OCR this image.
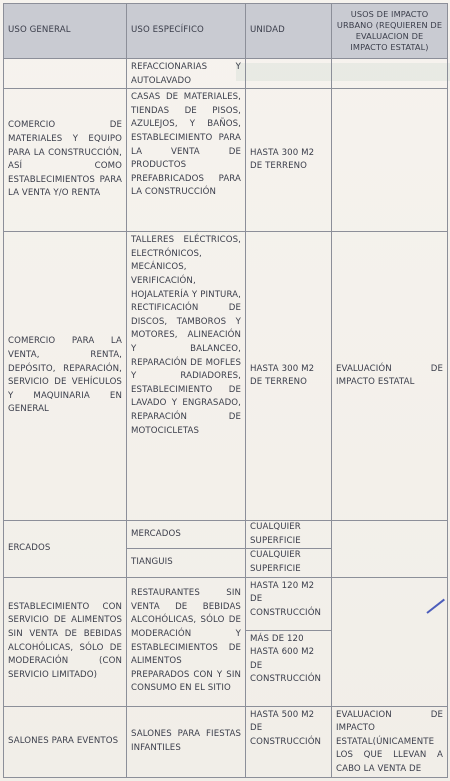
USO GENERAL	USO ESPECÍFICO	UNIDAD	USOS DE IMPACTO URBANO (REQUIEREN DE EVALUACION DE IMPACTO ESTATAL)
	REFACCIONARIAS Y AUTOLAVADO		
COMERCIO DE MATERIALES Y EQUIPO PARA LA CONSTRUCCIÓN, ASÍ COMO ESTABLECIMIENTOS PARA LA VENTA Y/O RENTA	CASAS DE MATERIALES, TIENDAS DE PISOS, AZULEJOS, Y BAÑOS, ESTABLECIMIENTO PARA LA VENTA DE PRODUCTOS PREFABRICADOS PARA LA CONSTRUCCIÓN	HASTA 300 M2 DE TERRENO	
COMERCIO PARA LA VENTA, RENTA, DEPÓSITO, REPARACIÓN, SERVICIO DE VEHÍCULOS Y MAQUINARIA EN GENERAL	TALLERES ELÉCTRICOS, ELECTRÓNICOS, MECÁNICOS, VERIFICACIÓN, HOJALATERÍA Y PINTURA, RECTIFICACIÓN DE DISCOS, TAMBOROS Y MOTORES, ALINEACIÓN Y BALANCEO, REPARACIÓN DE MOFLES Y RADIADORES, ESTABLECIMIENTO DE LAVADO Y ENGRASADO, REPARACIÓN DE MOTOCICLETAS	HASTA 300 M2 DE TERRENO	EVALUACIÓN DE IMPACTO ESTATAL
ERCADOS	MERCADOS	CUALQUIER SUPERFICIE	
	TIANGUIS	CUALQUIER SUPERFICIE	
ESTABLECIMIENTO CON SERVICIO DE ALIMENTOS SIN VENTA DE BEBIDAS ALCOHÓLICAS, SÓLO DE MODERACIÓN (CON SERVICIO LIMITADO)	RESTAURANTES SIN VENTA DE BEBIDAS ALCOHÓLICAS, SÓLO DE MODERACIÓN Y ESTABLECIMIENTOS DE ALIMENTOS PREPARADOS CON Y SIN CONSUMO EN EL SITIO	HASTA 120 M2 DE CONSTRUCCIÓN	
		MÁS DE 120 HASTA 600 M2 DE CONSTRUCCIÓN	
SALONES PARA EVENTOS	SALONES PARA FIESTAS INFANTILES	HASTA 500 M2 DE CONSTRUCCIÓN	EVALUACION DE IMPACTO ESTATAL(ÚNICAMENTE LOS QUE LLEVAN A CABO LA VENTA DE
